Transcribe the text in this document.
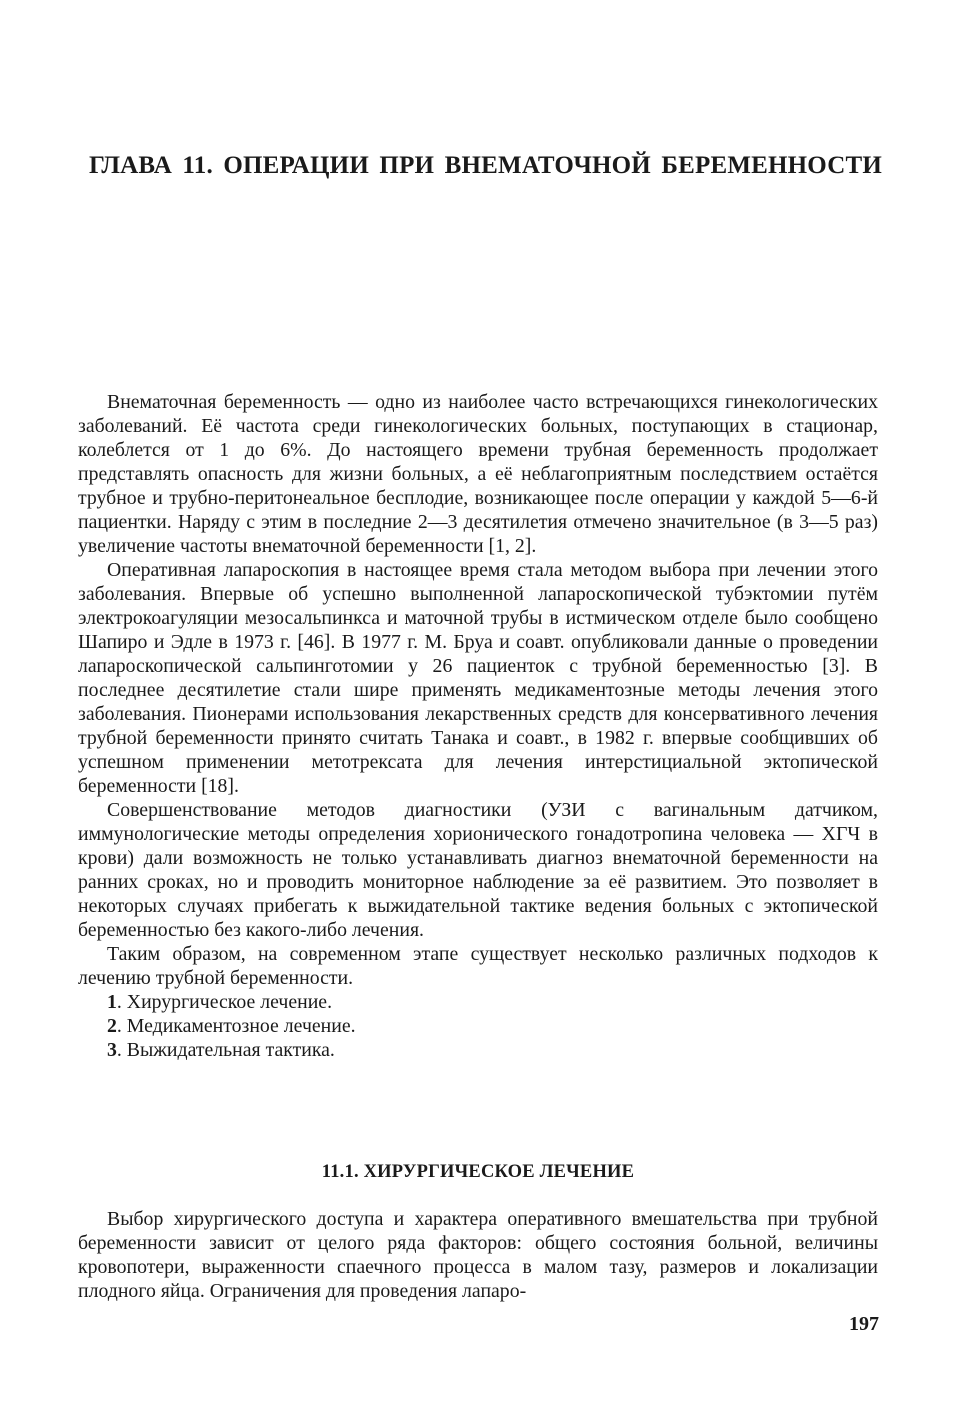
ГЛАВА 11. ОПЕРАЦИИ ПРИ ВНЕМАТОЧНОЙ БЕРЕМЕННОСТИ

Внематочная беременность — одно из наиболее часто встречающихся гинекологических заболеваний. Её частота среди гинекологических больных, поступающих в стационар, колеблется от 1 до 6%. До настоящего времени трубная беременность продолжает представлять опасность для жизни больных, а её неблагоприятным последствием остаётся трубное и трубно-перитонеальное бесплодие, возникающее после операции у каждой 5—6-й пациентки. Наряду с этим в последние 2—3 десятилетия отмечено значительное (в 3—5 раз) увеличение частоты внематочной беременности [1, 2].

Оперативная лапароскопия в настоящее время стала методом выбора при лечении этого заболевания. Впервые об успешно выполненной лапароскопической тубэктомии путём электрокоагуляции мезосальпинкса и маточной трубы в истмическом отделе было сообщено Шапиро и Эдле в 1973 г. [46]. В 1977 г. М. Бруа и соавт. опубликовали данные о проведении лапароскопической сальпинготомии у 26 пациенток с трубной беременностью [3]. В последнее десятилетие стали шире применять медикаментозные методы лечения этого заболевания. Пионерами использования лекарственных средств для консервативного лечения трубной беременности принято считать Танака и соавт., в 1982 г. впервые сообщивших об успешном применении метотрексата для лечения интерстициальной эктопической беременности [18].

Совершенствование методов диагностики (УЗИ с вагинальным датчиком, иммунологические методы определения хорионического гонадотропина человека — ХГЧ в крови) дали возможность не только устанавливать диагноз внематочной беременности на ранних сроках, но и проводить мониторное наблюдение за её развитием. Это позволяет в некоторых случаях прибегать к выжидательной тактике ведения больных с эктопической беременностью без какого-либо лечения.

Таким образом, на современном этапе существует несколько различных подходов к лечению трубной беременности.

1. Хирургическое лечение.
2. Медикаментозное лечение.
3. Выжидательная тактика.
11.1. ХИРУРГИЧЕСКОЕ ЛЕЧЕНИЕ

Выбор хирургического доступа и характера оперативного вмешательства при трубной беременности зависит от целого ряда факторов: общего состояния больной, величины кровопотери, выраженности спаечного процесса в малом тазу, размеров и локализации плодного яйца. Ограничения для проведения лапаро-

197
